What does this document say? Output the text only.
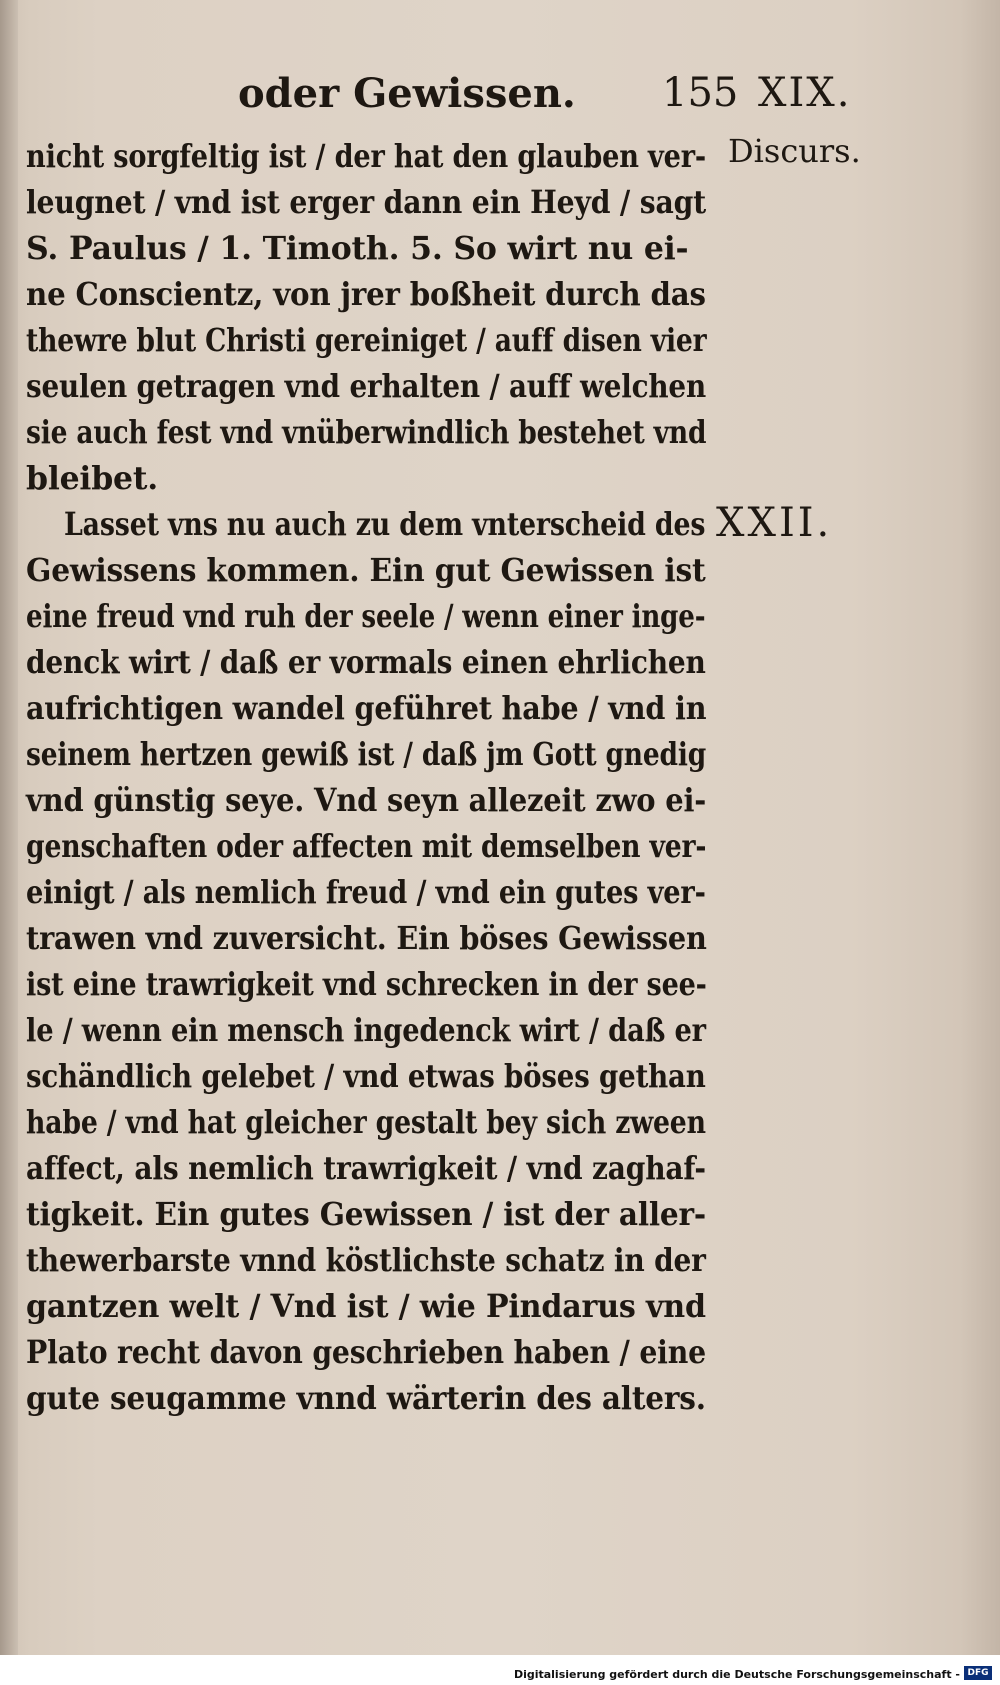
oder Gewissen. 155 XIX.
Discurs.
XXII.
nicht sorgfeltig ist / der hat den glauben ver-
leugnet / vnd ist erger dann ein Heyd / sagt
S. Paulus / 1. Timoth. 5. So wirt nu ei-
ne Conscientz, von jrer boßheit durch das
thewre blut Christi gereiniget / auff disen vier
seulen getragen vnd erhalten / auff welchen
sie auch fest vnd vnüberwindlich bestehet vnd
bleibet.
Lasset vns nu auch zu dem vnterscheid des
Gewissens kommen. Ein gut Gewissen ist
eine freud vnd ruh der seele / wenn einer inge-
denck wirt / daß er vormals einen ehrlichen
aufrichtigen wandel geführet habe / vnd in
seinem hertzen gewiß ist / daß jm Gott gnedig
vnd günstig seye. Vnd seyn allezeit zwo ei-
genschaften oder affecten mit demselben ver-
einigt / als nemlich freud / vnd ein gutes ver-
trawen vnd zuversicht. Ein böses Gewissen
ist eine trawrigkeit vnd schrecken in der see-
le / wenn ein mensch ingedenck wirt / daß er
schändlich gelebet / vnd etwas böses gethan
habe / vnd hat gleicher gestalt bey sich zween
affect, als nemlich trawrigkeit / vnd zaghaf-
tigkeit. Ein gutes Gewissen / ist der aller-
thewerbarste vnnd köstlichste schatz in der
gantzen welt / Vnd ist / wie Pindarus vnd
Plato recht davon geschrieben haben / eine
gute seugamme vnnd wärterin des alters.
Digitalisierung gefördert durch die Deutsche Forschungsgemeinschaft - DFG
